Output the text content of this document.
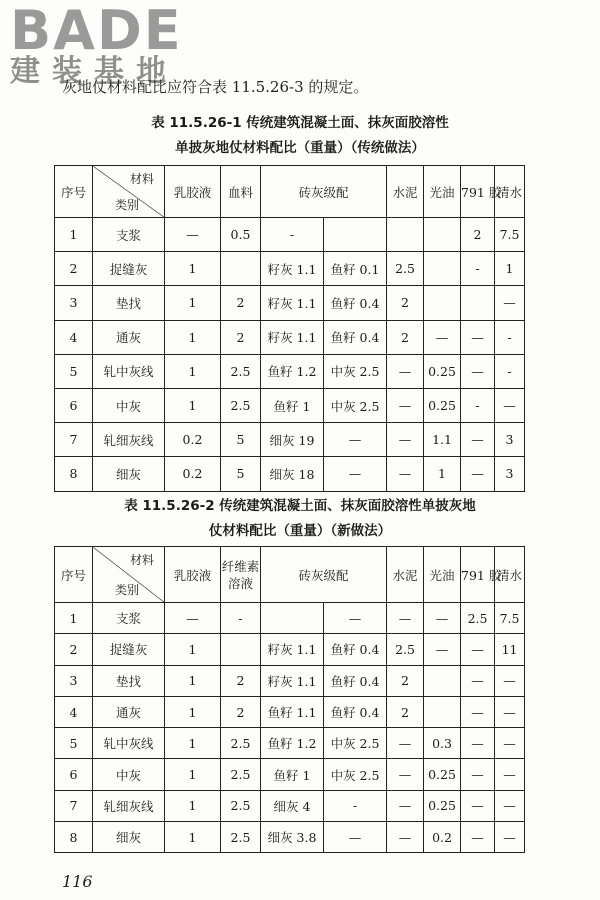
BADE
建装基地
灰地仗材料配比应符合表 11.5.26-3 的规定。
表 11.5.26-1 传统建筑混凝土面、抹灰面胶溶性
单披灰地仗材料配比（重量）（传统做法）
序号	材料
类别	乳胶液	血料	砖灰级配		水泥	光油	791 胶	清水
1	支浆	—	0.5	-				2	7.5
2	捉缝灰	1		籽灰 1.1	鱼籽 0.1	2.5		-	1
3	垫找	1	2	籽灰 1.1	鱼籽 0.4	2			—
4	通灰	1	2	籽灰 1.1	鱼籽 0.4	2	—	—	-
5	轧中灰线	1	2.5	鱼籽 1.2	中灰 2.5	—	0.25	—	-
6	中灰	1	2.5	鱼籽 1	中灰 2.5	—	0.25	-	—
7	轧细灰线	0.2	5	细灰 19	—	—	1.1	—	3
8	细灰	0.2	5	细灰 18	—	—	1	—	3
表 11.5.26-2 传统建筑混凝土面、抹灰面胶溶性单披灰地
仗材料配比（重量）（新做法）
序号	材料
类别	乳胶液	纤维素溶液	砖灰级配		水泥	光油	791 胶	清水
1	支浆	—	-		—	—	—	2.5	7.5
2	捉缝灰	1		籽灰 1.1	鱼籽 0.4	2.5	—	—	11
3	垫找	1	2	籽灰 1.1	鱼籽 0.4	2		—	—
4	通灰	1	2	鱼籽 1.1	鱼籽 0.4	2		—	—
5	轧中灰线	1	2.5	鱼籽 1.2	中灰 2.5	—	0.3	—	—
6	中灰	1	2.5	鱼籽 1	中灰 2.5	—	0.25	—	—
7	轧细灰线	1	2.5	细灰 4	-	—	0.25	—	—
8	细灰	1	2.5	细灰 3.8	—	—	0.2	—	—
116
